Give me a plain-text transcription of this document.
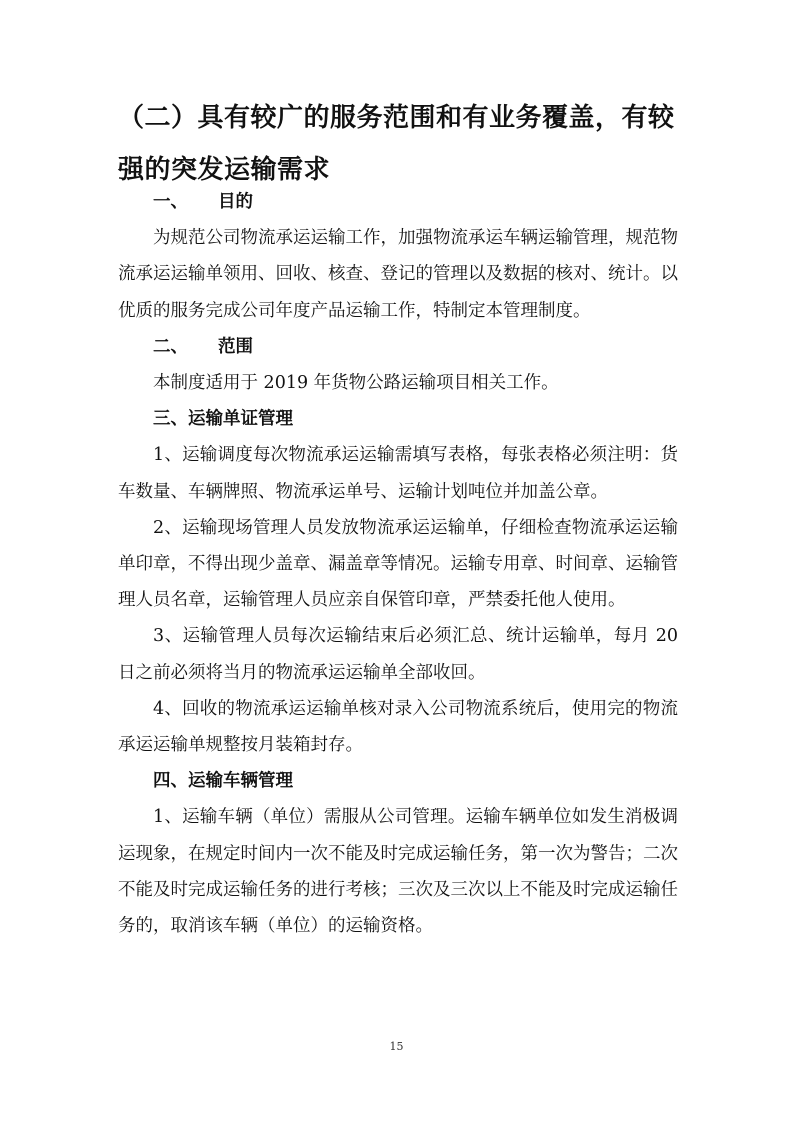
（二）具有较广的服务范围和有业务覆盖，有较强的突发运输需求

一、 目的

为规范公司物流承运运输工作，加强物流承运车辆运输管理，规范物流承运运输单领用、回收、核查、登记的管理以及数据的核对、统计。以优质的服务完成公司年度产品运输工作，特制定本管理制度。

二、 范围

本制度适用于 2019 年货物公路运输项目相关工作。

三、运输单证管理

1、运输调度每次物流承运运输需填写表格，每张表格必须注明：货车数量、车辆牌照、物流承运单号、运输计划吨位并加盖公章。

2、运输现场管理人员发放物流承运运输单，仔细检查物流承运运输单印章，不得出现少盖章、漏盖章等情况。运输专用章、时间章、运输管理人员名章，运输管理人员应亲自保管印章，严禁委托他人使用。

3、运输管理人员每次运输结束后必须汇总、统计运输单，每月 20 日之前必须将当月的物流承运运输单全部收回。

4、回收的物流承运运输单核对录入公司物流系统后，使用完的物流承运运输单规整按月装箱封存。

四、运输车辆管理

1、运输车辆（单位）需服从公司管理。运输车辆单位如发生消极调运现象，在规定时间内一次不能及时完成运输任务，第一次为警告；二次不能及时完成运输任务的进行考核；三次及三次以上不能及时完成运输任务的，取消该车辆（单位）的运输资格。

15
